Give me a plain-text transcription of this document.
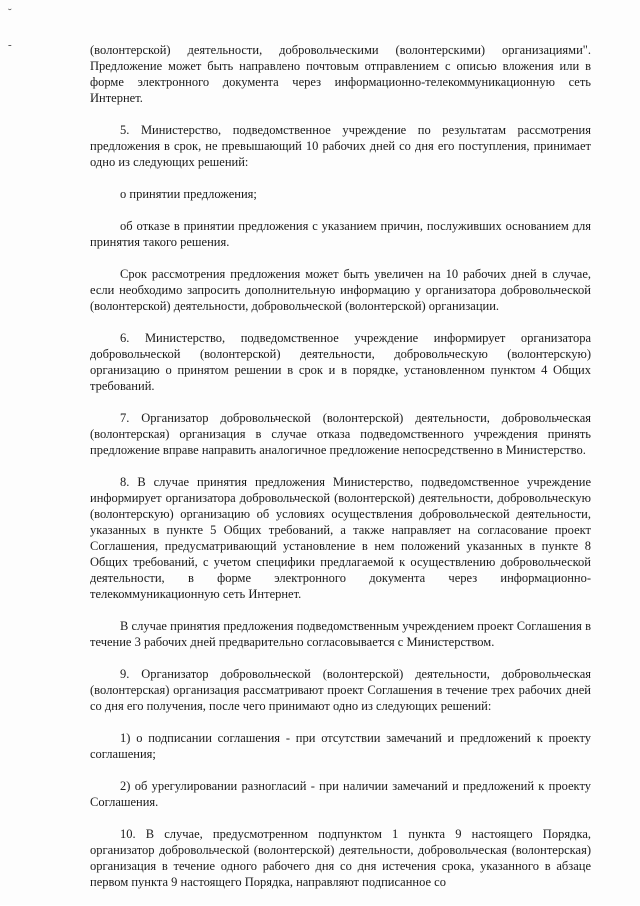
˘
-	(волонтерской) деятельности, добровольческими (волонтерскими) организациями". Предложение может быть направлено почтовым отправлением с описью вложения или в форме электронного документа через информационно-телекоммуникационную сеть Интернет.

5. Министерство, подведомственное учреждение по результатам рассмотрения предложения в срок, не превышающий 10 рабочих дней со дня его поступления, принимает одно из следующих решений:

о принятии предложения;

об отказе в принятии предложения с указанием причин, послуживших основанием для принятия такого решения.

Срок рассмотрения предложения может быть увеличен на 10 рабочих дней в случае, если необходимо запросить дополнительную информацию у организатора добровольческой (волонтерской) деятельности, добровольческой (волонтерской) организации.

6. Министерство, подведомственное учреждение информирует организатора добровольческой (волонтерской) деятельности, добровольческую (волонтерскую) организацию о принятом решении в срок и в порядке, установленном пунктом 4 Общих требований.

7. Организатор добровольческой (волонтерской) деятельности, добровольческая (волонтерская) организация в случае отказа подведомственного учреждения принять предложение вправе направить аналогичное предложение непосредственно в Министерство.

8. В случае принятия предложения Министерство, подведомственное учреждение информирует организатора добровольческой (волонтерской) деятельности, добровольческую (волонтерскую) организацию об условиях осуществления добровольческой деятельности, указанных в пункте 5 Общих требований, а также направляет на согласование проект Соглашения, предусматривающий установление в нем положений указанных в пункте 8 Общих требований, с учетом специфики предлагаемой к осуществлению добровольческой деятельности, в форме электронного документа через информационно-телекоммуникационную сеть Интернет.

В случае принятия предложения подведомственным учреждением проект Соглашения в течение 3 рабочих дней предварительно согласовывается с Министерством.

9. Организатор добровольческой (волонтерской) деятельности, добровольческая (волонтерская) организация рассматривают проект Соглашения в течение трех рабочих дней со дня его получения, после чего принимают одно из следующих решений:

1) о подписании соглашения - при отсутствии замечаний и предложений к проекту соглашения;

2) об урегулировании разногласий - при наличии замечаний и предложений к проекту Соглашения.

10. В случае, предусмотренном подпунктом 1 пункта 9 настоящего Порядка, организатор добровольческой (волонтерской) деятельности, добровольческая (волонтерская) организация в течение одного рабочего дня со дня истечения срока, указанного в абзаце первом пункта 9 настоящего Порядка, направляют подписанное со
